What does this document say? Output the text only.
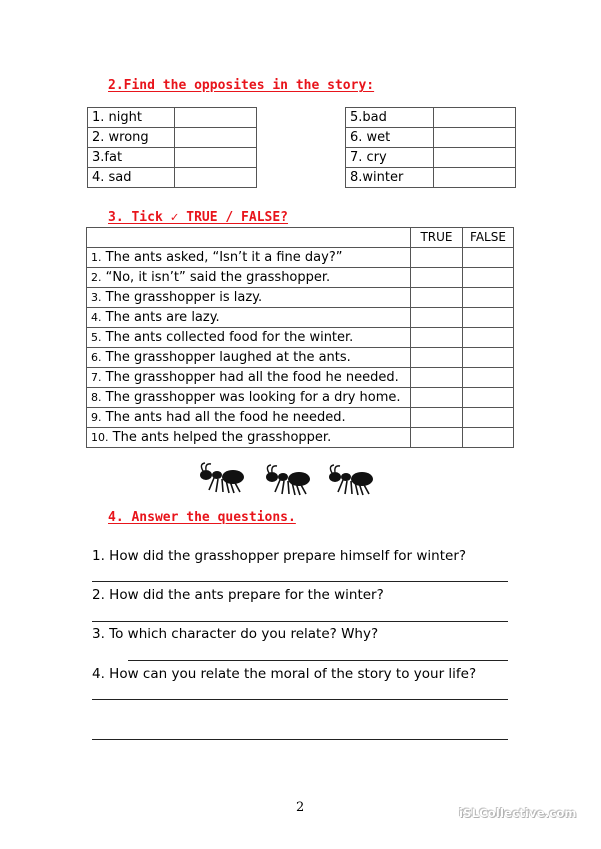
2.Find the opposites in the story:
1. night	
2. wrong	
3.fat	
4. sad	
5.bad	
6. wet	
7. cry	
8.winter	
3. Tick ✓ TRUE / FALSE?
	TRUE	FALSE
1. The ants asked, “Isn’t it a fine day?”		
2. “No, it isn’t” said the grasshopper.		
3. The grasshopper is lazy.		
4. The ants are lazy.		
5. The ants collected food for the winter.		
6. The grasshopper laughed at the ants.		
7. The grasshopper had all the food he needed.		
8. The grasshopper was looking for a dry home.		
9. The ants had all the food he needed.		
10. The ants helped the grasshopper.		
4. Answer the questions.
1. How did the grasshopper prepare himself for winter?
2. How did the ants prepare for the winter?
3. To which character do you relate? Why?
4. How can you relate the moral of the story to your life?
2	iSLCollective.com
